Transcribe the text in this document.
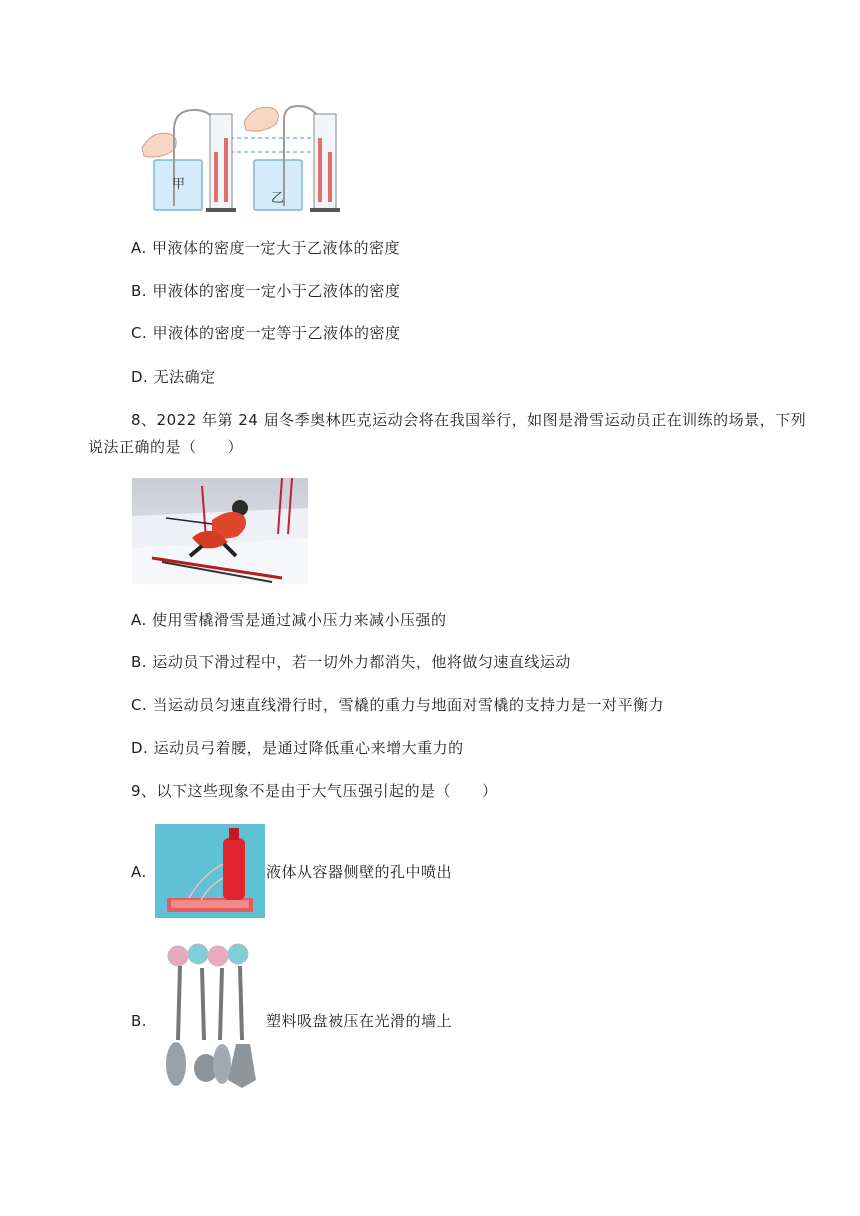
甲
乙
A. 甲液体的密度一定大于乙液体的密度
B. 甲液体的密度一定小于乙液体的密度
C. 甲液体的密度一定等于乙液体的密度
D. 无法确定
8、2022 年第 24 届冬季奥林匹克运动会将在我国举行，如图是滑雪运动员正在训练的场景，下列
说法正确的是（　　）
A. 使用雪橇滑雪是通过减小压力来减小压强的
B. 运动员下滑过程中，若一切外力都消失，他将做匀速直线运动
C. 当运动员匀速直线滑行时，雪橇的重力与地面对雪橇的支持力是一对平衡力
D. 运动员弓着腰，是通过降低重心来增大重力的
9、以下这些现象不是由于大气压强引起的是（　　）
A.	液体从容器侧壁的孔中喷出
B.	塑料吸盘被压在光滑的墙上
